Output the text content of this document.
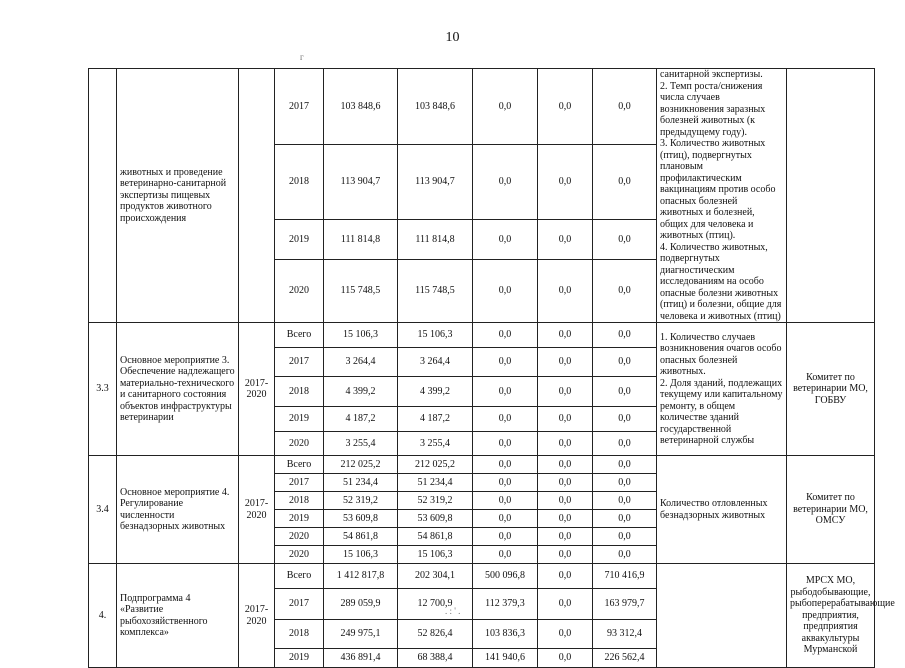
10
г
. : ' .
	животных и проведение ветеринарно-санитарной экспертизы пищевых продуктов животного происхождения		2017	103 848,6	103 848,6	0,0	0,0	0,0	санитарной экспертизы.
2. Темп роста/снижения числа случаев возникновения заразных болезней животных (к предыдущему году).
3. Количество животных (птиц), подвергнутых плановым профилактическим вакцинациям против особо опасных болезней животных и болезней, общих для человека и животных (птиц).
4. Количество животных, подвергнутых диагностическим исследованиям на особо опасные болезни животных (птиц) и болезни, общие для человека и животных (птиц)	
			2018	113 904,7	113 904,7	0,0	0,0	0,0		
			2019	111 814,8	111 814,8	0,0	0,0	0,0		
			2020	115 748,5	115 748,5	0,0	0,0	0,0		
3.3	Основное мероприятие 3. Обеспечение надлежащего материально-технического и санитарного состояния объектов инфраструктуры ветеринарии	2017-2020	Всего	15 106,3	15 106,3	0,0	0,0	0,0	1. Количество случаев возникновения очагов особо опасных болезней животных.
2. Доля зданий, подлежащих текущему или капитальному ремонту, в общем количестве зданий государственной ветеринарной службы	Комитет по ветеринарии МО, ГОБВУ
			2017	3 264,4	3 264,4	0,0	0,0	0,0		
			2018	4 399,2	4 399,2	0,0	0,0	0,0		
			2019	4 187,2	4 187,2	0,0	0,0	0,0		
			2020	3 255,4	3 255,4	0,0	0,0	0,0		
3.4	Основное мероприятие 4. Регулирование численности безнадзорных животных	2017-2020	Всего	212 025,2	212 025,2	0,0	0,0	0,0	Количество отловленных безнадзорных животных	Комитет по ветеринарии МО, ОМСУ
			2017	51 234,4	51 234,4	0,0	0,0	0,0		
			2018	52 319,2	52 319,2	0,0	0,0	0,0		
			2019	53 609,8	53 609,8	0,0	0,0	0,0		
			2020	54 861,8	54 861,8	0,0	0,0	0,0		
			2020	15 106,3	15 106,3	0,0	0,0	0,0		
4.	Подпрограмма 4 «Развитие рыбохозяйственного комплекса»	2017-2020	Всего	1 412 817,8	202 304,1	500 096,8	0,0	710 416,9		МРСХ МО, рыбодобывающие, рыбоперерабатывающие предприятия, предприятия аквакультуры Мурманской
			2017	289 059,9	12 700,9	112 379,3	0,0	163 979,7		
			2018	249 975,1	52 826,4	103 836,3	0,0	93 312,4		
			2019	436 891,4	68 388,4	141 940,6	0,0	226 562,4		
